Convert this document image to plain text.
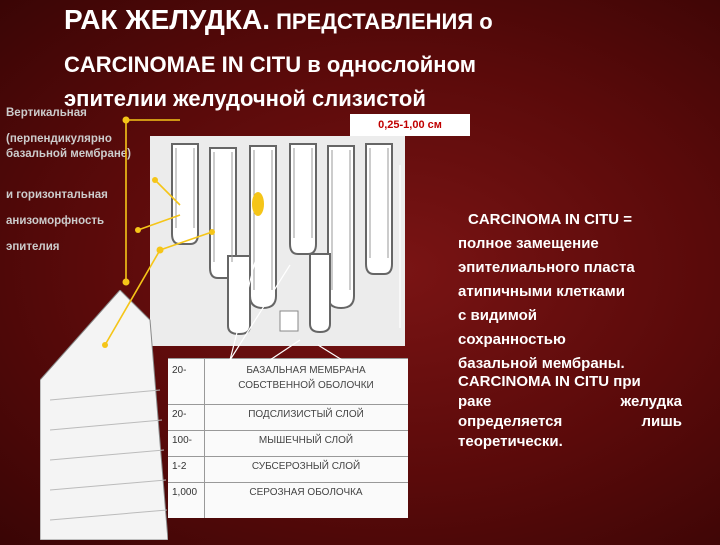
РАК ЖЕЛУДКА. ПРЕДСТАВЛЕНИЯ о
CARCINOMAE IN CITU в однослойном
эпителии желудочной слизистой
Вертикальная
(перпендикулярно базальной мембране)
и горизонтальная
анизоморфность
эпителия
0,25-1,00 см
20-	БАЗАЛЬНАЯ МЕМБРАНА
СОБСТВЕННОЙ ОБОЛОЧКИ
20-	ПОДСЛИЗИСТЫЙ СЛОЙ
100-	МЫШЕЧНЫЙ СЛОЙ
1-2	СУБСЕРОЗНЫЙ СЛОЙ
1,000	СЕРОЗНАЯ ОБОЛОЧКА
CARCINOMA IN CITU =
полное замещение
эпителиального пласта
атипичными клетками
с видимой
сохранностью
базальной мембраны.
CARCINOMA IN CITU при
раке желудка
определяется лишь
теоретически.
